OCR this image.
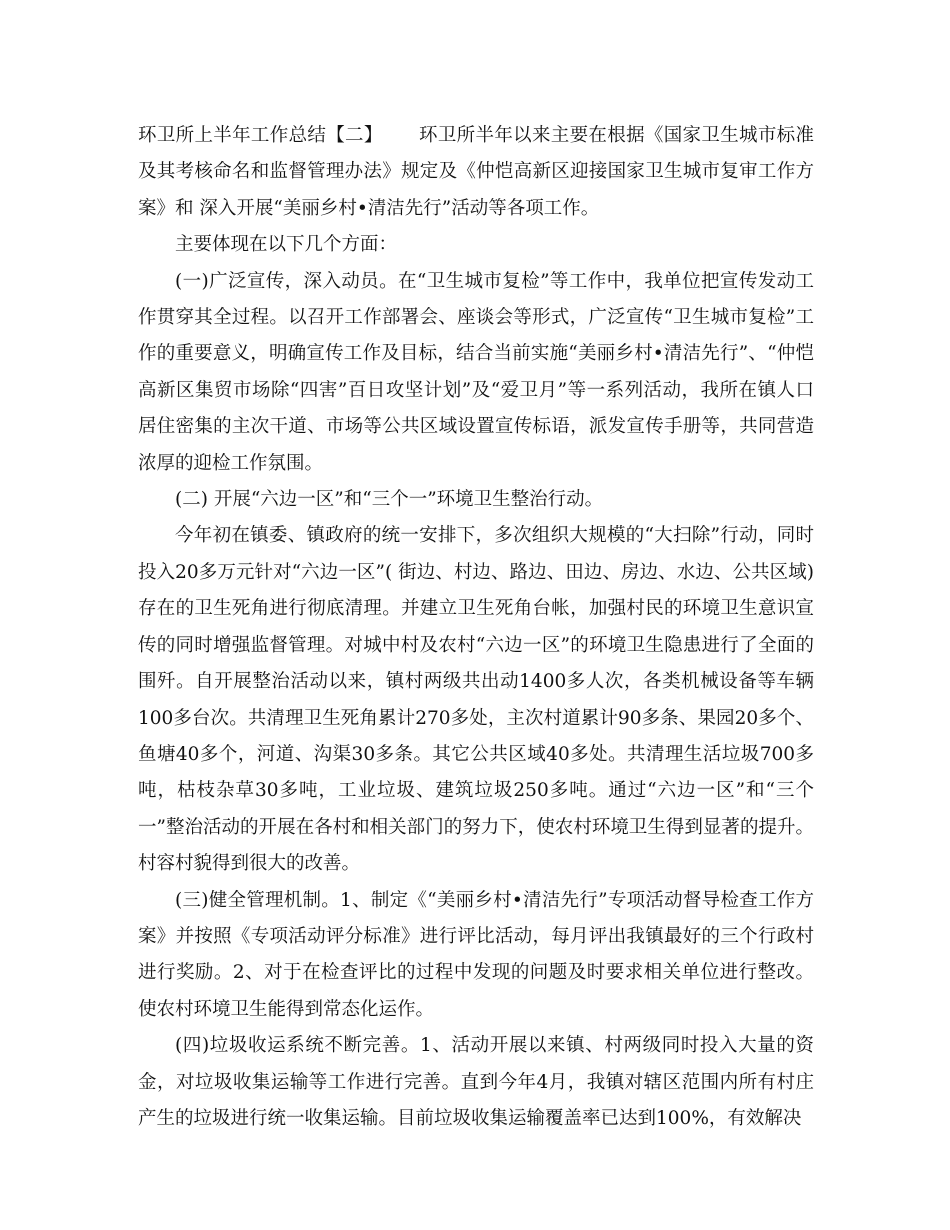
环卫所上半年工作总结【二】 环卫所半年以来主要在根据《国家卫生城市标准及其考核命名和监督管理办法》规定及《仲恺高新区迎接国家卫生城市复审工作方案》和 深入开展“美丽乡村•清洁先行”活动等各项工作。

主要体现在以下几个方面：

(一)广泛宣传，深入动员。在“卫生城市复检”等工作中，我单位把宣传发动工作贯穿其全过程。以召开工作部署会、座谈会等形式，广泛宣传“卫生城市复检”工作的重要意义，明确宣传工作及目标，结合当前实施“美丽乡村•清洁先行”、“仲恺高新区集贸市场除“四害”百日攻坚计划”及“爱卫月”等一系列活动，我所在镇人口居住密集的主次干道、市场等公共区域设置宣传标语，派发宣传手册等，共同营造浓厚的迎检工作氛围。

(二) 开展“六边一区”和“三个一”环境卫生整治行动。

今年初在镇委、镇政府的统一安排下，多次组织大规模的“大扫除”行动，同时投入20多万元针对“六边一区”( 街边、村边、路边、田边、房边、水边、公共区域)存在的卫生死角进行彻底清理。并建立卫生死角台帐，加强村民的环境卫生意识宣传的同时增强监督管理。对城中村及农村“六边一区”的环境卫生隐患进行了全面的围歼。自开展整治活动以来，镇村两级共出动1400多人次，各类机械设备等车辆100多台次。共清理卫生死角累计270多处，主次村道累计90多条、果园20多个、鱼塘40多个，河道、沟渠30多条。其它公共区域40多处。共清理生活垃圾700多吨，枯枝杂草30多吨，工业垃圾、建筑垃圾250多吨。通过“六边一区”和“三个一”整治活动的开展在各村和相关部门的努力下，使农村环境卫生得到显著的提升。村容村貌得到很大的改善。

(三)健全管理机制。1、制定《“美丽乡村•清洁先行”专项活动督导检查工作方案》并按照《专项活动评分标准》进行评比活动，每月评出我镇最好的三个行政村进行奖励。2、对于在检查评比的过程中发现的问题及时要求相关单位进行整改。使农村环境卫生能得到常态化运作。

(四)垃圾收运系统不断完善。1、活动开展以来镇、村两级同时投入大量的资金，对垃圾收集运输等工作进行完善。直到今年4月，我镇对辖区范围内所有村庄产生的垃圾进行统一收集运输。目前垃圾收集运输覆盖率已达到100%，有效解决
